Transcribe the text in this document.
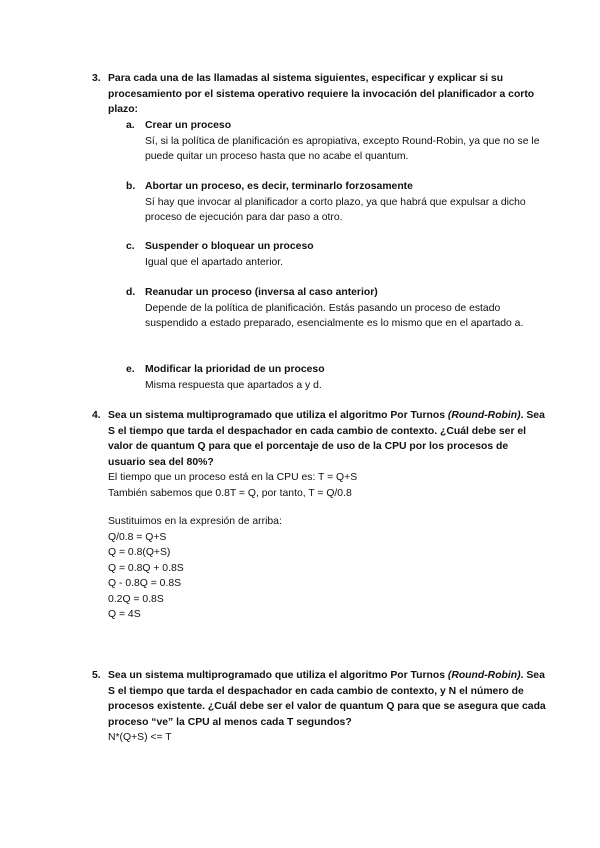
3. Para cada una de las llamadas al sistema siguientes, especificar y explicar si su procesamiento por el sistema operativo requiere la invocación del planificador a corto plazo:
a. Crear un proceso
Sí, si la política de planificación es apropiativa, excepto Round-Robin, ya que no se le puede quitar un proceso hasta que no acabe el quantum.
b. Abortar un proceso, es decir, terminarlo forzosamente
Sí hay que invocar al planificador a corto plazo, ya que habrá que expulsar a dicho proceso de ejecución para dar paso a otro.
c. Suspender o bloquear un proceso
Igual que el apartado anterior.
d. Reanudar un proceso (inversa al caso anterior)
Depende de la política de planificación. Estás pasando un proceso de estado suspendido a estado preparado, esencialmente es lo mismo que en el apartado a.
e. Modificar la prioridad de un proceso
Misma respuesta que apartados a y d.
4. Sea un sistema multiprogramado que utiliza el algoritmo Por Turnos (Round-Robin). Sea S el tiempo que tarda el despachador en cada cambio de contexto. ¿Cuál debe ser el valor de quantum Q para que el porcentaje de uso de la CPU por los procesos de usuario sea del 80%?
El tiempo que un proceso está en la CPU es: T = Q+S
También sabemos que 0.8T = Q, por tanto, T = Q/0.8
Sustituimos en la expresión de arriba:
Q/0.8 = Q+S
Q = 0.8(Q+S)
Q = 0.8Q + 0.8S
Q - 0.8Q = 0.8S
0.2Q = 0.8S
Q = 4S
5. Sea un sistema multiprogramado que utiliza el algoritmo Por Turnos (Round-Robin). Sea S el tiempo que tarda el despachador en cada cambio de contexto, y N el número de procesos existente. ¿Cuál debe ser el valor de quantum Q para que se asegura que cada proceso “ve” la CPU al menos cada T segundos?
N*(Q+S) <= T
